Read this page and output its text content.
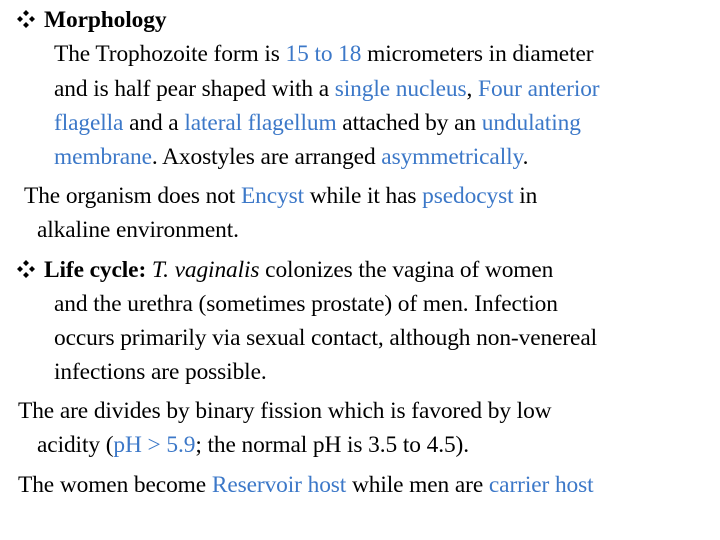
Morphology
The Trophozoite form is 15 to 18 micrometers in diameter
and is half pear shaped with a single nucleus, Four anterior
flagella and a lateral flagellum attached by an undulating
membrane. Axostyles are arranged asymmetrically.
The organism does not Encyst while it has psedocyst in
alkaline environment.
Life cycle: T. vaginalis colonizes the vagina of women
and the urethra (sometimes prostate) of men. Infection
occurs primarily via sexual contact, although non-venereal
infections are possible.
The are divides by binary fission which is favored by low
acidity (pH > 5.9; the normal pH is 3.5 to 4.5).
The women become Reservoir host while men are carrier host
